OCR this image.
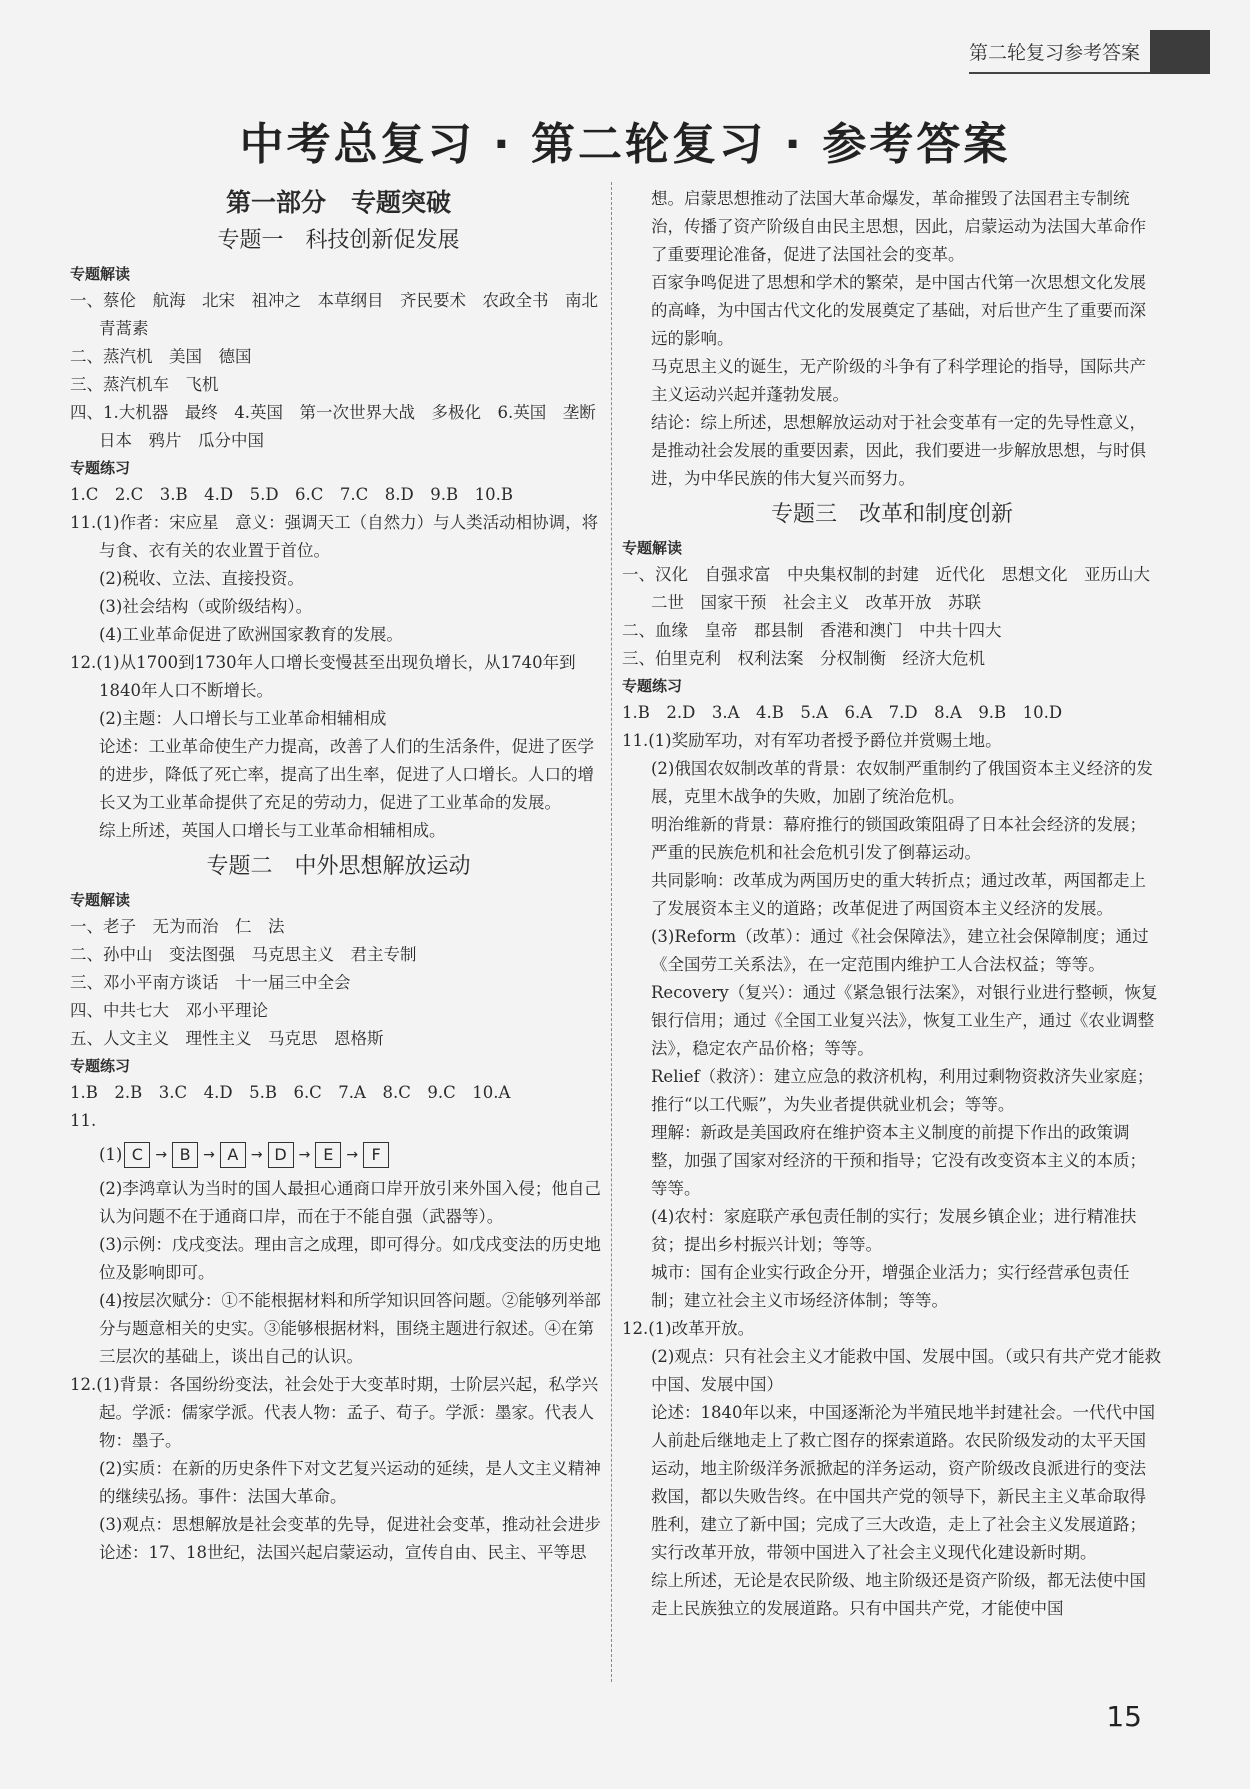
第二轮复习参考答案
中考总复习 · 第二轮复习 · 参考答案
第一部分　专题突破
专题一　科技创新促发展
专题解读
一、蔡伦　航海　北宋　祖冲之　本草纲目　齐民要术　农政全书　南北　青蒿素
二、蒸汽机　美国　德国
三、蒸汽机车　飞机
四、1.大机器　最终　4.英国　第一次世界大战　多极化　6.英国　垄断　日本　鸦片　瓜分中国
专题练习
1.C　2.C　3.B　4.D　5.D　6.C　7.C　8.D　9.B　10.B
11.(1)作者：宋应星　意义：强调天工（自然力）与人类活动相协调，将与食、衣有关的农业置于首位。
(2)税收、立法、直接投资。
(3)社会结构（或阶级结构）。
(4)工业革命促进了欧洲国家教育的发展。
12.(1)从1700到1730年人口增长变慢甚至出现负增长，从1740年到1840年人口不断增长。
(2)主题：人口增长与工业革命相辅相成
论述：工业革命使生产力提高，改善了人们的生活条件，促进了医学的进步，降低了死亡率，提高了出生率，促进了人口增长。人口的增长又为工业革命提供了充足的劳动力，促进了工业革命的发展。
综上所述，英国人口增长与工业革命相辅相成。
专题二　中外思想解放运动
专题解读
一、老子　无为而治　仁　法
二、孙中山　变法图强　马克思主义　君主专制
三、邓小平南方谈话　十一届三中全会
四、中共七大　邓小平理论
五、人文主义　理性主义　马克思　恩格斯
专题练习
1.B　2.B　3.C　4.D　5.B　6.C　7.A　8.C　9.C　10.A
11.
(1) C → B → A → D → E → F
(2)李鸿章认为当时的国人最担心通商口岸开放引来外国入侵；他自己认为问题不在于通商口岸，而在于不能自强（武器等）。
(3)示例：戊戌变法。理由言之成理，即可得分。如戊戌变法的历史地位及影响即可。
(4)按层次赋分：①不能根据材料和所学知识回答问题。②能够列举部分与题意相关的史实。③能够根据材料，围绕主题进行叙述。④在第三层次的基础上，谈出自己的认识。
12.(1)背景：各国纷纷变法，社会处于大变革时期，士阶层兴起，私学兴起。学派：儒家学派。代表人物：孟子、荀子。学派：墨家。代表人物：墨子。
(2)实质：在新的历史条件下对文艺复兴运动的延续，是人文主义精神的继续弘扬。事件：法国大革命。
(3)观点：思想解放是社会变革的先导，促进社会变革，推动社会进步
论述：17、18世纪，法国兴起启蒙运动，宣传自由、民主、平等思
想。启蒙思想推动了法国大革命爆发，革命摧毁了法国君主专制统治，传播了资产阶级自由民主思想，因此，启蒙运动为法国大革命作了重要理论准备，促进了法国社会的变革。
百家争鸣促进了思想和学术的繁荣，是中国古代第一次思想文化发展的高峰，为中国古代文化的发展奠定了基础，对后世产生了重要而深远的影响。
马克思主义的诞生，无产阶级的斗争有了科学理论的指导，国际共产主义运动兴起并蓬勃发展。
结论：综上所述，思想解放运动对于社会变革有一定的先导性意义，是推动社会发展的重要因素，因此，我们要进一步解放思想，与时俱进，为中华民族的伟大复兴而努力。
专题三　改革和制度创新
专题解读
一、汉化　自强求富　中央集权制的封建　近代化　思想文化　亚历山大二世　国家干预　社会主义　改革开放　苏联
二、血缘　皇帝　郡县制　香港和澳门　中共十四大
三、伯里克利　权利法案　分权制衡　经济大危机
专题练习
1.B　2.D　3.A　4.B　5.A　6.A　7.D　8.A　9.B　10.D
11.(1)奖励军功，对有军功者授予爵位并赏赐土地。
(2)俄国农奴制改革的背景：农奴制严重制约了俄国资本主义经济的发展，克里木战争的失败，加剧了统治危机。
明治维新的背景：幕府推行的锁国政策阻碍了日本社会经济的发展；严重的民族危机和社会危机引发了倒幕运动。
共同影响：改革成为两国历史的重大转折点；通过改革，两国都走上了发展资本主义的道路；改革促进了两国资本主义经济的发展。
(3)Reform（改革）：通过《社会保障法》，建立社会保障制度；通过《全国劳工关系法》，在一定范围内维护工人合法权益；等等。
Recovery（复兴）：通过《紧急银行法案》，对银行业进行整顿，恢复银行信用；通过《全国工业复兴法》，恢复工业生产，通过《农业调整法》，稳定农产品价格；等等。
Relief（救济）：建立应急的救济机构，利用过剩物资救济失业家庭；推行“以工代赈”，为失业者提供就业机会；等等。
理解：新政是美国政府在维护资本主义制度的前提下作出的政策调整，加强了国家对经济的干预和指导；它没有改变资本主义的本质；等等。
(4)农村：家庭联产承包责任制的实行；发展乡镇企业；进行精准扶贫；提出乡村振兴计划；等等。
城市：国有企业实行政企分开，增强企业活力；实行经营承包责任制；建立社会主义市场经济体制；等等。
12.(1)改革开放。
(2)观点：只有社会主义才能救中国、发展中国。（或只有共产党才能救中国、发展中国）
论述：1840年以来，中国逐渐沦为半殖民地半封建社会。一代代中国人前赴后继地走上了救亡图存的探索道路。农民阶级发动的太平天国运动，地主阶级洋务派掀起的洋务运动，资产阶级改良派进行的变法救国，都以失败告终。在中国共产党的领导下，新民主主义革命取得胜利，建立了新中国；完成了三大改造，走上了社会主义发展道路；实行改革开放，带领中国进入了社会主义现代化建设新时期。
综上所述，无论是农民阶级、地主阶级还是资产阶级，都无法使中国走上民族独立的发展道路。只有中国共产党，才能使中国
15
